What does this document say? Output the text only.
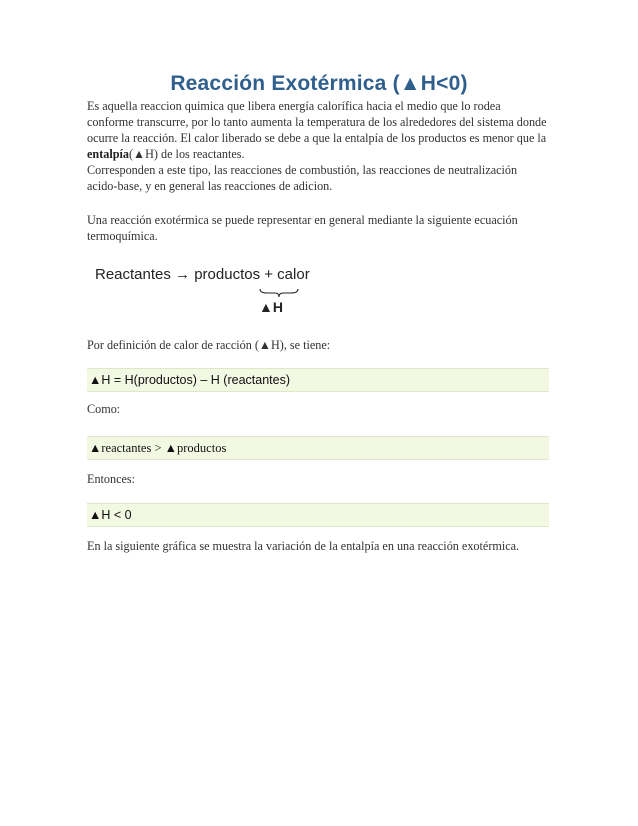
Reacción Exotérmica (▲H<0)

Es aquella reaccion quimica que libera energía calorífica hacia el medio que lo rodea conforme transcurre, por lo tanto aumenta la temperatura de los alrededores del sistema donde ocurre la reacción. El calor liberado se debe a que la entalpía de los productos es menor que la entalpía(▲H) de los reactantes.

Corresponden a este tipo, las reacciones de combustión, las reacciones de neutralización acido-base, y en general las reacciones de adicion.

Una reacción exotérmica se puede representar en general mediante la siguiente ecuación termoquímica.
Reactantes → productos + calor
▲H
Por definición de calor de racción (▲H), se tiene:
▲H = H(productos) – H (reactantes)
Como:
▲reactantes > ▲productos
Entonces:
▲H < 0
En la siguiente gráfica se muestra la variación de la entalpía en una reacción exotérmica.
